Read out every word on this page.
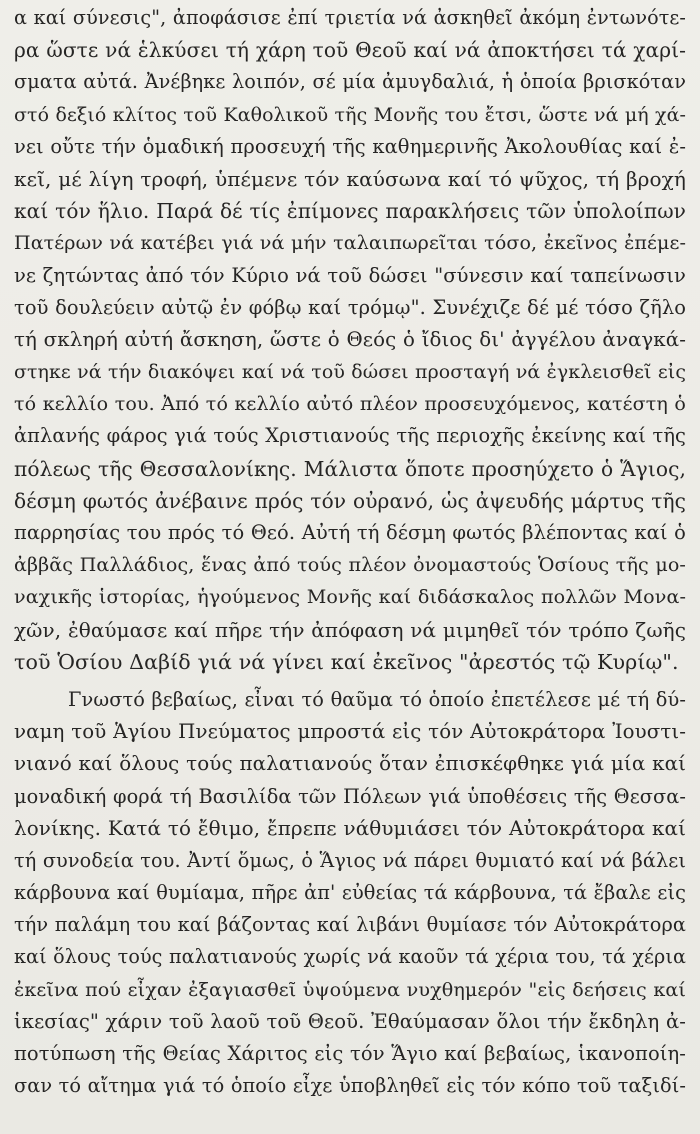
α καί σύνεσις", ἀποφάσισε ἐπί τριετία νά ἀσκηθεῖ ἀκόμη ἐντωνότε-
ρα ὥστε νά ἑλκύσει τή χάρη τοῦ Θεοῦ καί νά ἀποκτήσει τά χαρί-
σματα αὐτά. Ἀνέβηκε λοιπόν, σέ μία ἀμυγδαλιά, ἡ ὁποία βρισκόταν
στό δεξιό κλίτος τοῦ Καθολικοῦ τῆς Μονῆς του ἔτσι, ὥστε νά μή χά-
νει οὔτε τήν ὁμαδική προσευχή τῆς καθημερινῆς Ἀκολουθίας καί ἐ-
κεῖ, μέ λίγη τροφή, ὑπέμενε τόν καύσωνα καί τό ψῦχος, τή βροχή
καί τόν ἥλιο. Παρά δέ τίς ἐπίμονες παρακλήσεις τῶν ὑπολοίπων
Πατέρων νά κατέβει γιά νά μήν ταλαιπωρεῖται τόσο, ἐκεῖνος ἐπέμε-
νε ζητώντας ἀπό τόν Κύριο νά τοῦ δώσει "σύνεσιν καί ταπείνωσιν
τοῦ δουλεύειν αὐτῷ ἐν φόβῳ καί τρόμῳ". Συνέχιζε δέ μέ τόσο ζῆλο
τή σκληρή αὐτή ἄσκηση, ὥστε ὁ Θεός ὁ ἴδιος δι' ἀγγέλου ἀναγκά-
στηκε νά τήν διακόψει καί νά τοῦ δώσει προσταγή νά ἐγκλεισθεῖ εἰς
τό κελλίο του. Ἀπό τό κελλίο αὐτό πλέον προσευχόμενος, κατέστη ὁ
ἀπλανής φάρος γιά τούς Χριστιανούς τῆς περιοχῆς ἐκείνης καί τῆς
πόλεως τῆς Θεσσαλονίκης. Μάλιστα ὅποτε προσηύχετο ὁ Ἅγιος,
δέσμη φωτός ἀνέβαινε πρός τόν οὐρανό, ὡς ἀψευδής μάρτυς τῆς
παρρησίας του πρός τό Θεό. Αὐτή τή δέσμη φωτός βλέποντας καί ὁ
ἀββᾶς Παλλάδιος, ἕνας ἀπό τούς πλέον ὀνομαστούς Ὁσίους τῆς μο-
ναχικῆς ἱστορίας, ἡγούμενος Μονῆς καί διδάσκαλος πολλῶν Μονα-
χῶν, ἐθαύμασε καί πῆρε τήν ἀπόφαση νά μιμηθεῖ τόν τρόπο ζωῆς
τοῦ Ὁσίου Δαβίδ γιά νά γίνει καί ἐκεῖνος "ἀρεστός τῷ Κυρίῳ".
Γνωστό βεβαίως, εἶναι τό θαῦμα τό ὁποίο ἐπετέλεσε μέ τή δύ-
ναμη τοῦ Ἁγίου Πνεύματος μπροστά εἰς τόν Αὐτοκράτορα Ἰουστι-
νιανό καί ὅλους τούς παλατιανούς ὅταν ἐπισκέφθηκε γιά μία καί
μοναδική φορά τή Βασιλίδα τῶν Πόλεων γιά ὑποθέσεις τῆς Θεσσα-
λονίκης. Κατά τό ἔθιμο, ἔπρεπε νάθυμιάσει τόν Αὐτοκράτορα καί
τή συνοδεία του. Ἀντί ὅμως, ὁ Ἅγιος νά πάρει θυμιατό καί νά βάλει
κάρβουνα καί θυμίαμα, πῆρε ἀπ' εὐθείας τά κάρβουνα, τά ἔβαλε εἰς
τήν παλάμη του καί βάζοντας καί λιβάνι θυμίασε τόν Αὐτοκράτορα
καί ὅλους τούς παλατιανούς χωρίς νά καοῦν τά χέρια του, τά χέρια
ἐκεῖνα πού εἶχαν ἐξαγιασθεῖ ὑψούμενα νυχθημερόν "εἰς δεήσεις καί
ἱκεσίας" χάριν τοῦ λαοῦ τοῦ Θεοῦ. Ἐθαύμασαν ὅλοι τήν ἔκδηλη ἀ-
ποτύπωση τῆς Θείας Χάριτος εἰς τόν Ἅγιο καί βεβαίως, ἱκανοποίη-
σαν τό αἴτημα γιά τό ὁποίο εἶχε ὑποβληθεῖ εἰς τόν κόπο τοῦ ταξιδί-
